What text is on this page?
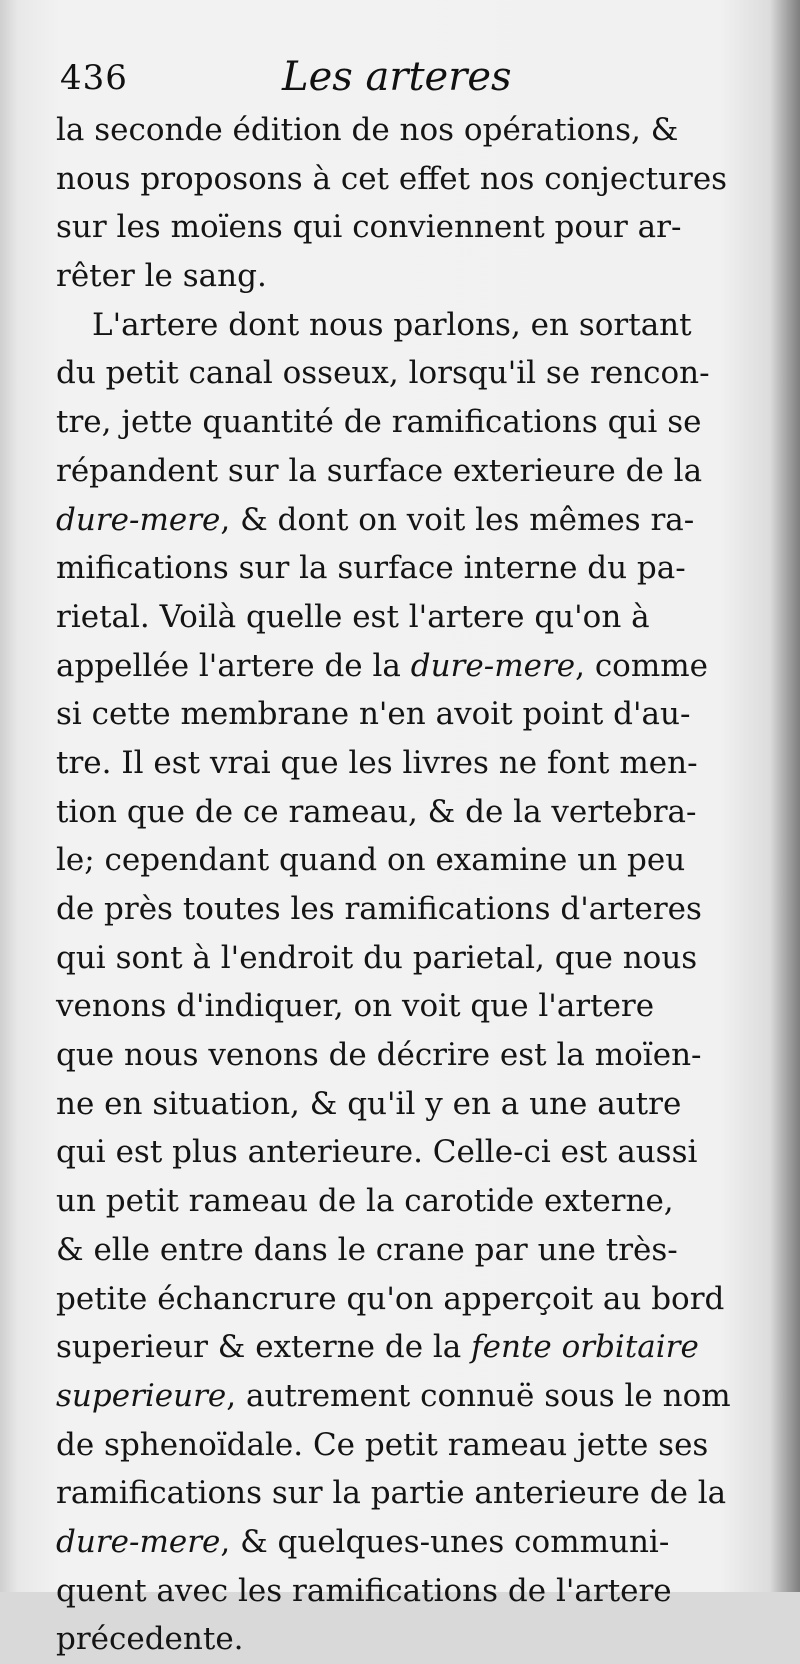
436	Les arteres
la seconde édition de nos opérations, &
nous proposons à cet effet nos conjectures
sur les moïens qui conviennent pour ar-
rêter le sang.
L'artere dont nous parlons, en sortant
du petit canal osseux, lorsqu'il se rencon-
tre, jette quantité de ramifications qui se
répandent sur la surface exterieure de la
dure-mere, & dont on voit les mêmes ra-
mifications sur la surface interne du pa-
rietal. Voilà quelle est l'artere qu'on à
appellée l'artere de la dure-mere, comme
si cette membrane n'en avoit point d'au-
tre. Il est vrai que les livres ne font men-
tion que de ce rameau, & de la vertebra-
le; cependant quand on examine un peu
de près toutes les ramifications d'arteres
qui sont à l'endroit du parietal, que nous
venons d'indiquer, on voit que l'artere
que nous venons de décrire est la moïen-
ne en situation, & qu'il y en a une autre
qui est plus anterieure. Celle-ci est aussi
un petit rameau de la carotide externe,
& elle entre dans le crane par une très-
petite échancrure qu'on apperçoit au bord
superieur & externe de la fente orbitaire
superieure, autrement connuë sous le nom
de sphenoïdale. Ce petit rameau jette ses
ramifications sur la partie anterieure de la
dure-mere, & quelques-unes communi-
quent avec les ramifications de l'artere
précedente.
